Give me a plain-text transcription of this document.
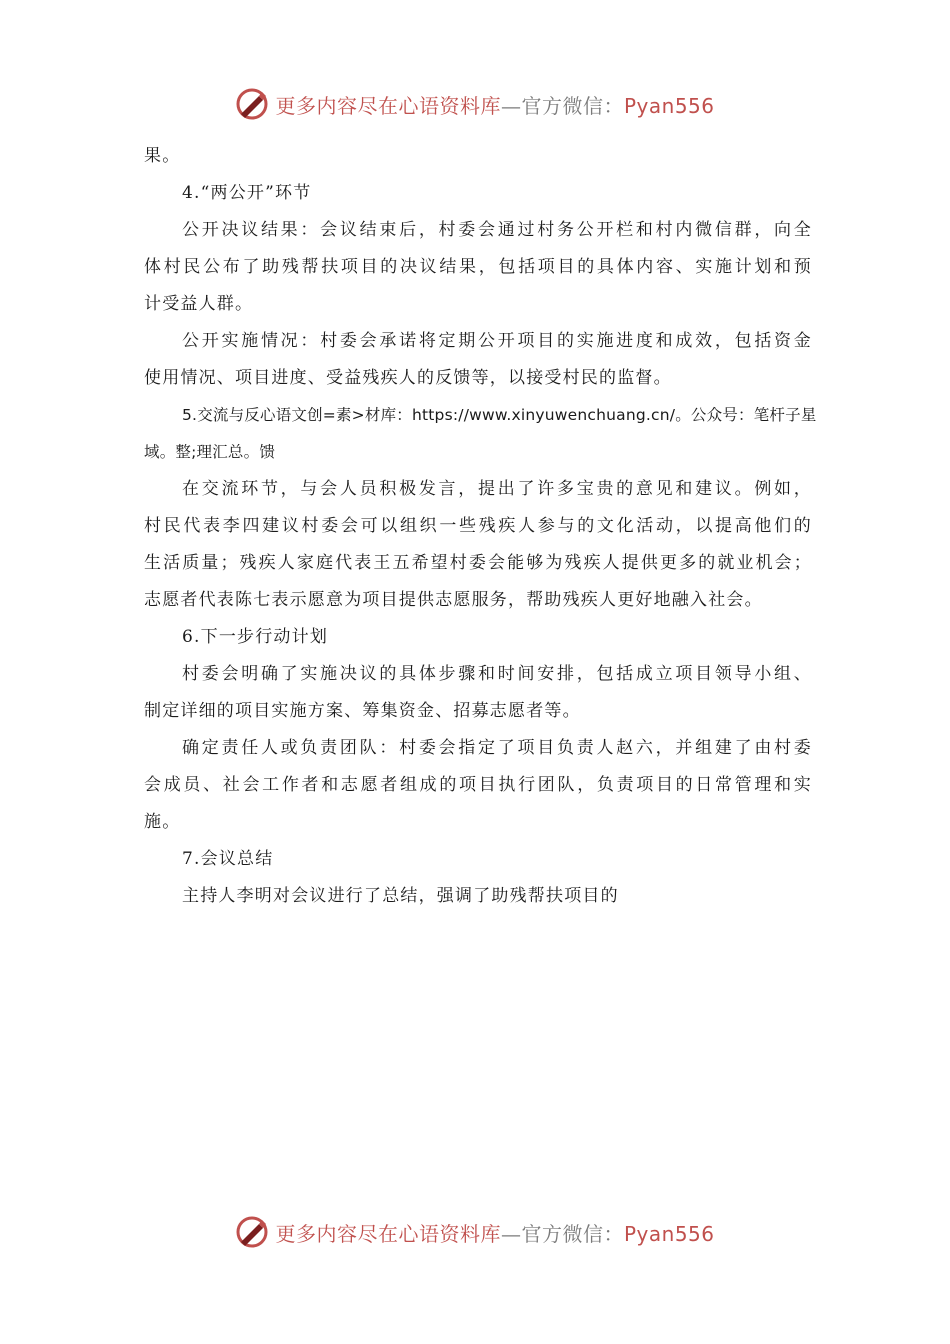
更多内容尽在心语资料库—官方微信：Pyan556
果。
4.“两公开”环节
公开决议结果：会议结束后，村委会通过村务公开栏和村内微信群，向全
体村民公布了助残帮扶项目的决议结果，包括项目的具体内容、实施计划和预
计受益人群。
公开实施情况：村委会承诺将定期公开项目的实施进度和成效，包括资金
使用情况、项目进度、受益残疾人的反馈等，以接受村民的监督。
5.交流与反心语文创=素>材库：https://www.xinyuwenchuang.cn/。公众号：笔杆子星
域。整;理汇总。馈
在交流环节，与会人员积极发言，提出了许多宝贵的意见和建议。例如，
村民代表李四建议村委会可以组织一些残疾人参与的文化活动，以提高他们的
生活质量；残疾人家庭代表王五希望村委会能够为残疾人提供更多的就业机会；
志愿者代表陈七表示愿意为项目提供志愿服务，帮助残疾人更好地融入社会。
6.下一步行动计划
村委会明确了实施决议的具体步骤和时间安排，包括成立项目领导小组、
制定详细的项目实施方案、筹集资金、招募志愿者等。
确定责任人或负责团队：村委会指定了项目负责人赵六，并组建了由村委
会成员、社会工作者和志愿者组成的项目执行团队，负责项目的日常管理和实
施。
7.会议总结
主持人李明对会议进行了总结，强调了助残帮扶项目的
更多内容尽在心语资料库—官方微信：Pyan556
